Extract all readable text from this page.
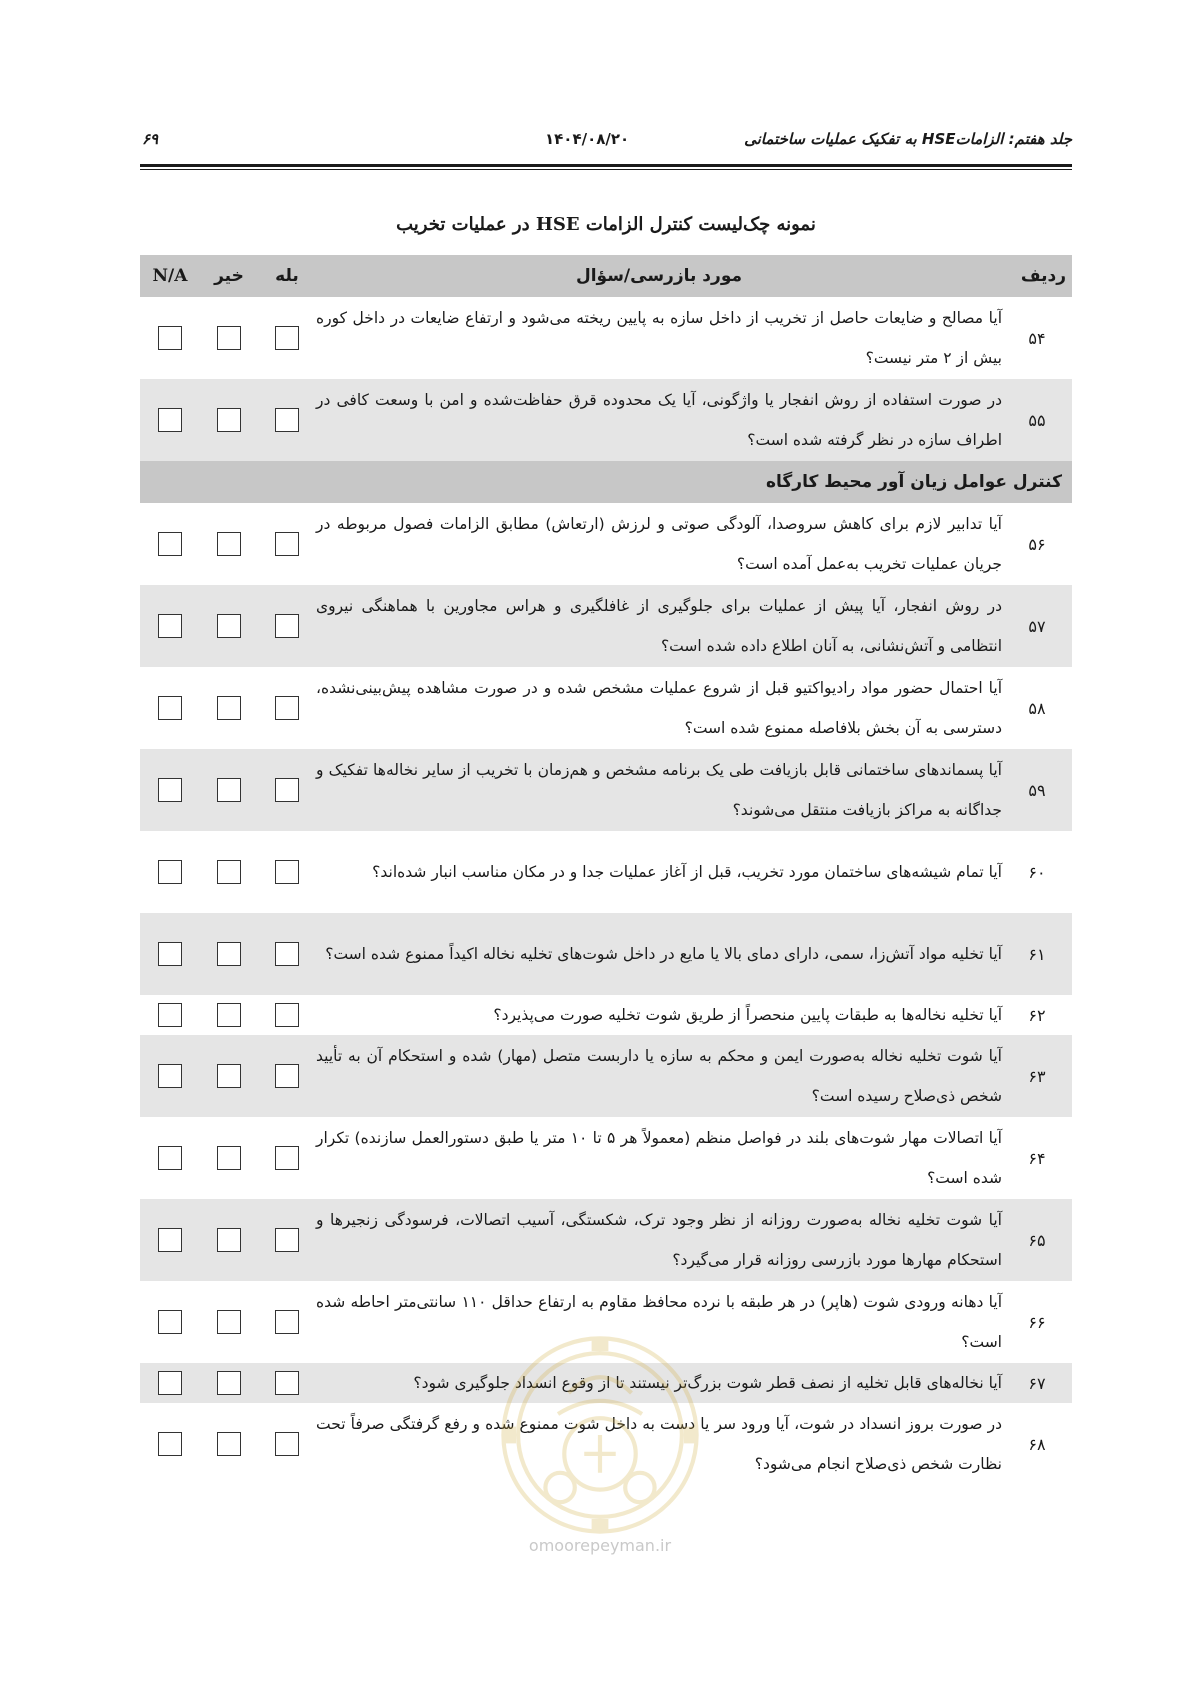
۶۹	۱۴۰۴/۰۸/۲۰	جلد هفتم: الزاماتHSE به تفکیک عملیات ساختمانی
نمونه چک‌لیست کنترل الزامات HSE در عملیات تخریب
ردیف	مورد بازرسی/سؤال	بله	خیر	N/A
۵۴	آیا مصالح و ضایعات حاصل از تخریب از داخل سازه به پایین ریخته می‌شود و ارتفاع ضایعات در داخل کوره بیش از ۲ متر نیست؟			
۵۵	در صورت استفاده از روش انفجار یا واژگونی، آیا یک محدوده قرق حفاظت‌شده و امن با وسعت کافی در اطراف سازه در نظر گرفته شده است؟			
کنترل عوامل زیان آور محیط کارگاه				
۵۶	آیا تدابیر لازم برای کاهش سروصدا، آلودگی صوتی و لرزش (ارتعاش) مطابق الزامات فصول مربوطه در جریان عملیات تخریب به‌عمل آمده است؟			
۵۷	در روش انفجار، آیا پیش از عملیات برای جلوگیری از غافلگیری و هراس مجاورین با هماهنگی نیروی انتظامی و آتش‌نشانی، به آنان اطلاع داده شده است؟			
۵۸	آیا احتمال حضور مواد رادیواکتیو قبل از شروع عملیات مشخص شده و در صورت مشاهده پیش‌بینی‌نشده، دسترسی به آن بخش بلافاصله ممنوع شده است؟			
۵۹	آیا پسماندهای ساختمانی قابل بازیافت طی یک برنامه مشخص و هم‌زمان با تخریب از سایر نخاله‌ها تفکیک و جداگانه به مراکز بازیافت منتقل می‌شوند؟			
۶۰	آیا تمام شیشه‌های ساختمان مورد تخریب، قبل از آغاز عملیات جدا و در مکان مناسب انبار شده‌اند؟			
۶۱	آیا تخلیه مواد آتش‌زا، سمی، دارای دمای بالا یا مایع در داخل شوت‌های تخلیه نخاله اکیداً ممنوع شده است؟			
۶۲	آیا تخلیه نخاله‌ها به طبقات پایین منحصراً از طریق شوت تخلیه صورت می‌پذیرد؟			
۶۳	آیا شوت تخلیه نخاله به‌صورت ایمن و محکم به سازه یا داربست متصل (مهار) شده و استحکام آن به تأیید شخص ذی‌صلاح رسیده است؟			
۶۴	آیا اتصالات مهار شوت‌های بلند در فواصل منظم (معمولاً هر ۵ تا ۱۰ متر یا طبق دستورالعمل سازنده) تکرار شده است؟			
۶۵	آیا شوت تخلیه نخاله به‌صورت روزانه از نظر وجود ترک، شکستگی، آسیب اتصالات، فرسودگی زنجیرها و استحکام مهارها مورد بازرسی روزانه قرار می‌گیرد؟			
۶۶	آیا دهانه ورودی شوت (هاپر) در هر طبقه با نرده محافظ مقاوم به ارتفاع حداقل ۱۱۰ سانتی‌متر احاطه شده است؟			
۶۷	آیا نخاله‌های قابل تخلیه از نصف قطر شوت بزرگ‌تر نیستند تا از وقوع انسداد جلوگیری شود؟			
۶۸	در صورت بروز انسداد در شوت، آیا ورود سر یا دست به داخل شوت ممنوع شده و رفع گرفتگی صرفاً تحت نظارت شخص ذی‌صلاح انجام می‌شود؟			
omoorepeyman.ir
